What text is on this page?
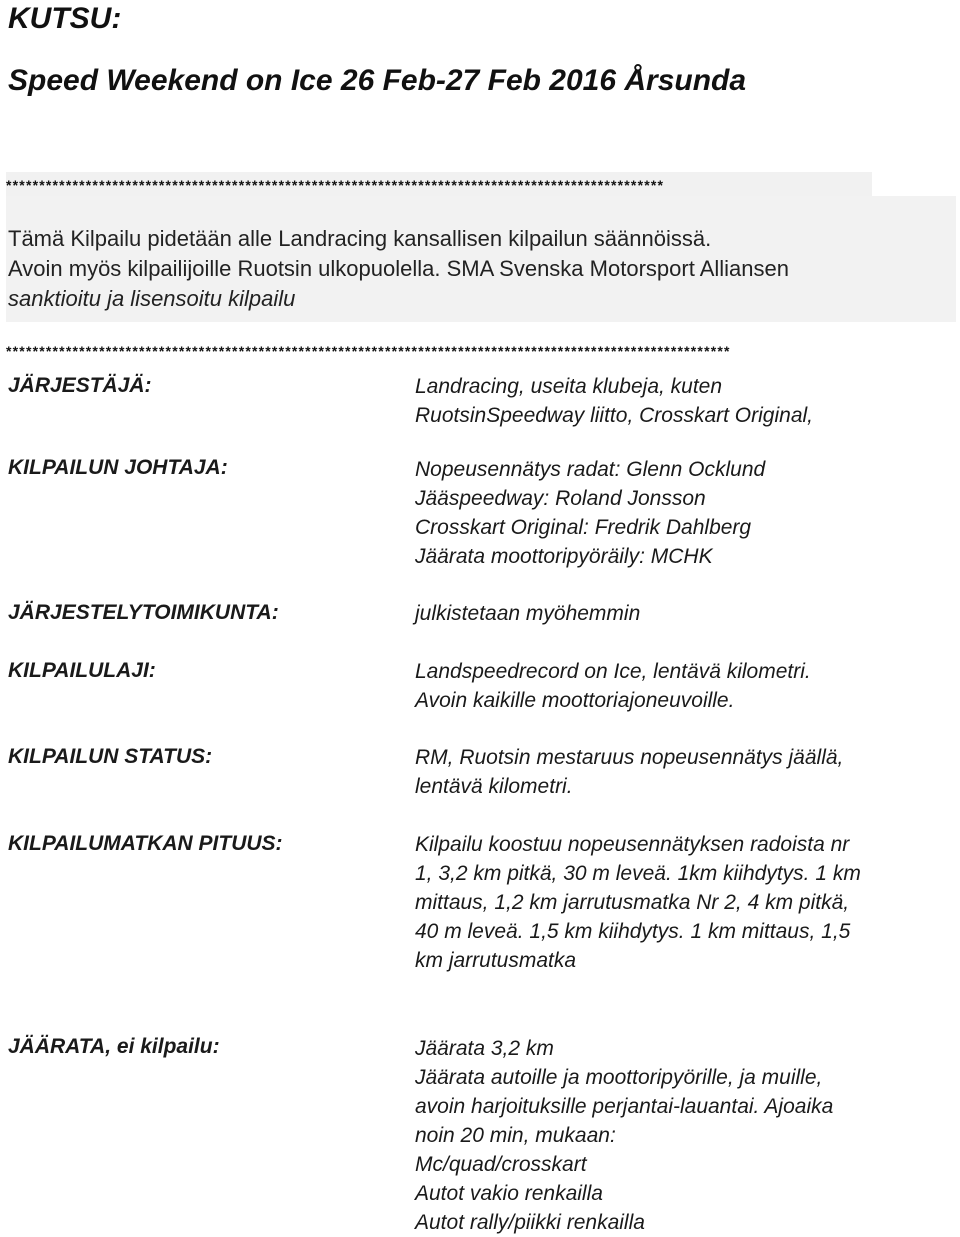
KUTSU:
Speed Weekend on Ice 26 Feb-27 Feb 2016 Årsunda
***************************************************************************************************
Tämä Kilpailu pidetään alle Landracing kansallisen kilpailun säännöissä.
Avoin myös kilpailijoille Ruotsin ulkopuolella. SMA Svenska Motorsport Alliansen
sanktioitu ja lisensoitu kilpailu
*************************************************************************************************************
JÄRJESTÄJÄ:	Landracing, useita klubeja, kuten
RuotsinSpeedway liitto, Crosskart Original,
KILPAILUN JOHTAJA:	Nopeusennätys radat: Glenn Ocklund
Jääspeedway: Roland Jonsson
Crosskart Original: Fredrik Dahlberg
Jäärata moottoripyöräily: MCHK
JÄRJESTELYTOIMIKUNTA:	julkistetaan myöhemmin
KILPAILULAJI:	Landspeedrecord on Ice, lentävä kilometri.
Avoin kaikille moottoriajoneuvoille.
KILPAILUN STATUS:	RM, Ruotsin mestaruus nopeusennätys jäällä,
lentävä kilometri.
KILPAILUMATKAN PITUUS:	Kilpailu koostuu nopeusennätyksen radoista nr
1, 3,2 km pitkä, 30 m leveä. 1km kiihdytys. 1 km
mittaus, 1,2 km jarrutusmatka Nr 2, 4 km pitkä,
40 m leveä. 1,5 km kiihdytys. 1 km mittaus, 1,5
km jarrutusmatka
JÄÄRATA, ei kilpailu:	Jäärata 3,2 km
Jäärata autoille ja moottoripyörille, ja muille,
avoin harjoituksille perjantai-lauantai. Ajoaika
noin 20 min, mukaan:
Mc/quad/crosskart
Autot vakio renkailla
Autot rally/piikki renkailla
